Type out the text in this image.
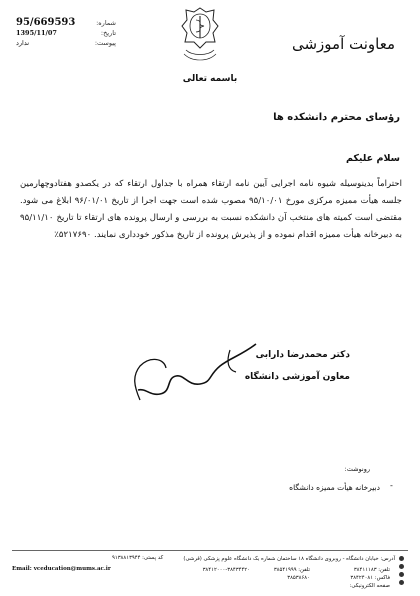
معاونت آموزشی
95/669593	شماره:
1395/11/07	تاریخ:
ندارد	پیوست:
باسمه تعالی
رؤسای محترم دانشکده ها
سلام علیکم

احتراماً بدینوسیله شیوه نامه اجرایی آیین نامه ارتقاء همراه با جداول ارتقاء که در یکصدو هفتادوچهارمین جلسه هیأت ممیزه مرکزی مورخ ۹۵/۱۰/۰۱ مصوب شده است جهت اجرا از تاریخ ۹۶/۰۱/۰۱ ابلاغ می شود. مقتضی است کمیته های منتخب آن دانشکده نسبت به بررسی و ارسال پرونده های ارتقاء تا تاریخ ۹۵/۱۱/۱۰ به دبیرخانه هیأت ممیزه اقدام نموده و از پذیرش پرونده از تاریخ مذکور خودداری نمایند. ۵۲۱۷۶۹۰٪

دکتر محمدرضا دارابی
معاون آموزشی دانشگاه
رونوشت:
-
دبیرخانه هیأت ممیزه دانشگاه
آدرس: خیابان دانشگاه - روبروی دانشگاه ۱۸ ساختمان شماره یک دانشگاه علوم پزشکی (قرشی)
کد پستی: ۹۱۳۸۸۱۳۹۴۴
Email: vceducation@mums.ac.ir	تلفن: ۳۸۴۱۱۱۸۳
فاکس: ۳۸۴۲۴۰۸۱
صفحه الکترونیکی:
تلفن: ۳۸۵۴۱۹۹۹
۳۸۵۳۸۶۸۰
۳۸۴۱۲۰۰۰-۳۸۴۳۴۴۲۰
